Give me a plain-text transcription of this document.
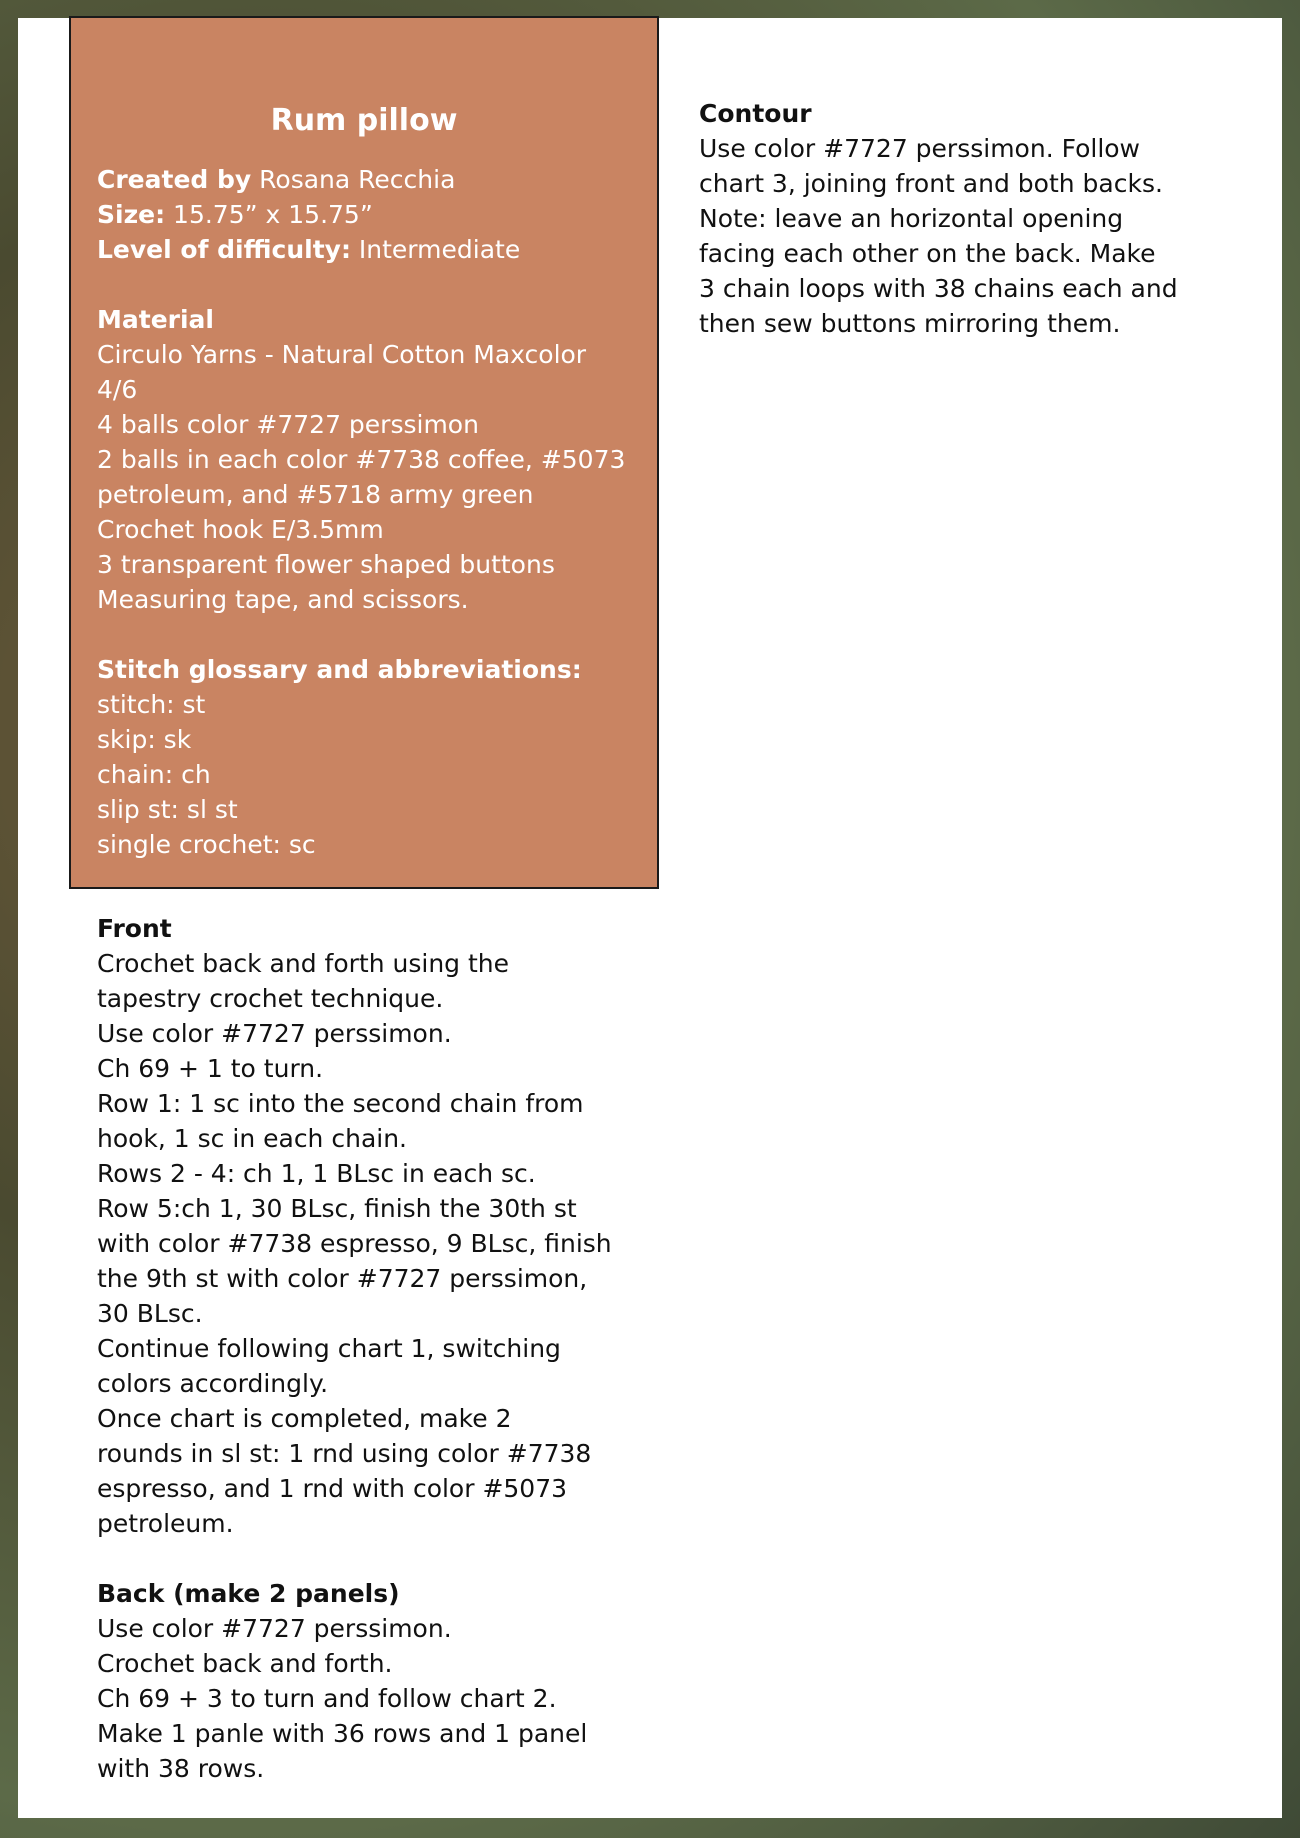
Rum pillow
Created by Rosana Recchia
Size: 15.75” x 15.75”
Level of difficulty: Intermediate
Material
Circulo Yarns - Natural Cotton Maxcolor
4/6
4 balls color #7727 perssimon
2 balls in each color #7738 coffee, #5073
petroleum, and #5718 army green
Crochet hook E/3.5mm
3 transparent flower shaped buttons
Measuring tape, and scissors.
Stitch glossary and abbreviations:
stitch: st
skip: sk
chain: ch
slip st: sl st
single crochet: sc
Front
Crochet back and forth using the
tapestry crochet technique.
Use color #7727 perssimon.
Ch 69 + 1 to turn.
Row 1: 1 sc into the second chain from
hook, 1 sc in each chain.
Rows 2 - 4: ch 1, 1 BLsc in each sc.
Row 5:ch 1, 30 BLsc, finish the 30th st
with color #7738 espresso, 9 BLsc, finish
the 9th st with color #7727 perssimon,
30 BLsc.
Continue following chart 1, switching
colors accordingly.
Once chart is completed, make 2
rounds in sl st: 1 rnd using color #7738
espresso, and 1 rnd with color #5073
petroleum.
Back (make 2 panels)
Use color #7727 perssimon.
Crochet back and forth.
Ch 69 + 3 to turn and follow chart 2.
Make 1 panle with 36 rows and 1 panel
with 38 rows.
Contour
Use color #7727 perssimon. Follow
chart 3, joining front and both backs.
Note: leave an horizontal opening
facing each other on the back. Make
3 chain loops with 38 chains each and
then sew buttons mirroring them.
